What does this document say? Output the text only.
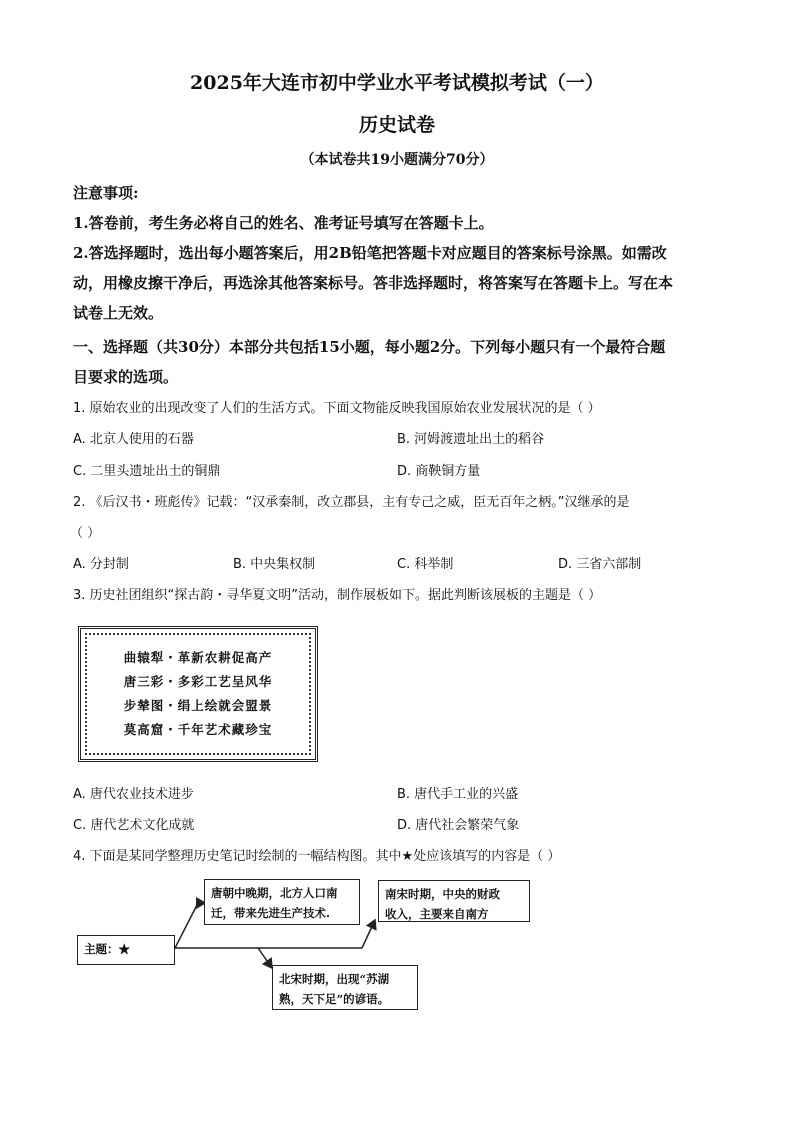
2025年大连市初中学业水平考试模拟考试（一）
历史试卷
（本试卷共19小题满分70分）

注意事项:

1.答卷前，考生务必将自己的姓名、准考证号填写在答题卡上。

2.答选择题时，选出每小题答案后，用2B铅笔把答题卡对应题目的答案标号涂黑。如需改

动，用橡皮擦干净后，再选涂其他答案标号。答非选择题时，将答案写在答题卡上。写在本

试卷上无效。

一、选择题（共30分）本部分共包括15小题，每小题2分。下列每小题只有一个最符合题

目要求的选项。

1. 原始农业的出现改变了人们的生活方式。下面文物能反映我国原始农业发展状况的是（ ）
A. 北京人使用的石器	B. 河姆渡遗址出土的稻谷
C. 二里头遗址出土的铜鼎	D. 商鞅铜方量
2. 《后汉书・班彪传》记载：“汉承秦制，改立郡县，主有专己之威，臣无百年之柄。”汉继承的是
（ ）
A. 分封制	B. 中央集权制	C. 科举制	D. 三省六部制
3. 历史社团组织“探古韵・寻华夏文明”活动，制作展板如下。据此判断该展板的主题是（ ）
曲辕犁・革新农耕促高产
唐三彩・多彩工艺呈风华
步辇图・绢上绘就会盟景
莫高窟・千年艺术藏珍宝
A. 唐代农业技术进步	B. 唐代手工业的兴盛
C. 唐代艺术文化成就	D. 唐代社会繁荣气象
4. 下面是某同学整理历史笔记时绘制的一幅结构图。其中★处应该填写的内容是（ ）
主题：★
唐朝中晚期，北方人口南
迁，带来先进生产技术.
南宋时期，中央的财政
收入，主要来自南方
北宋时期，出现“苏湖
熟，天下足”的谚语。
